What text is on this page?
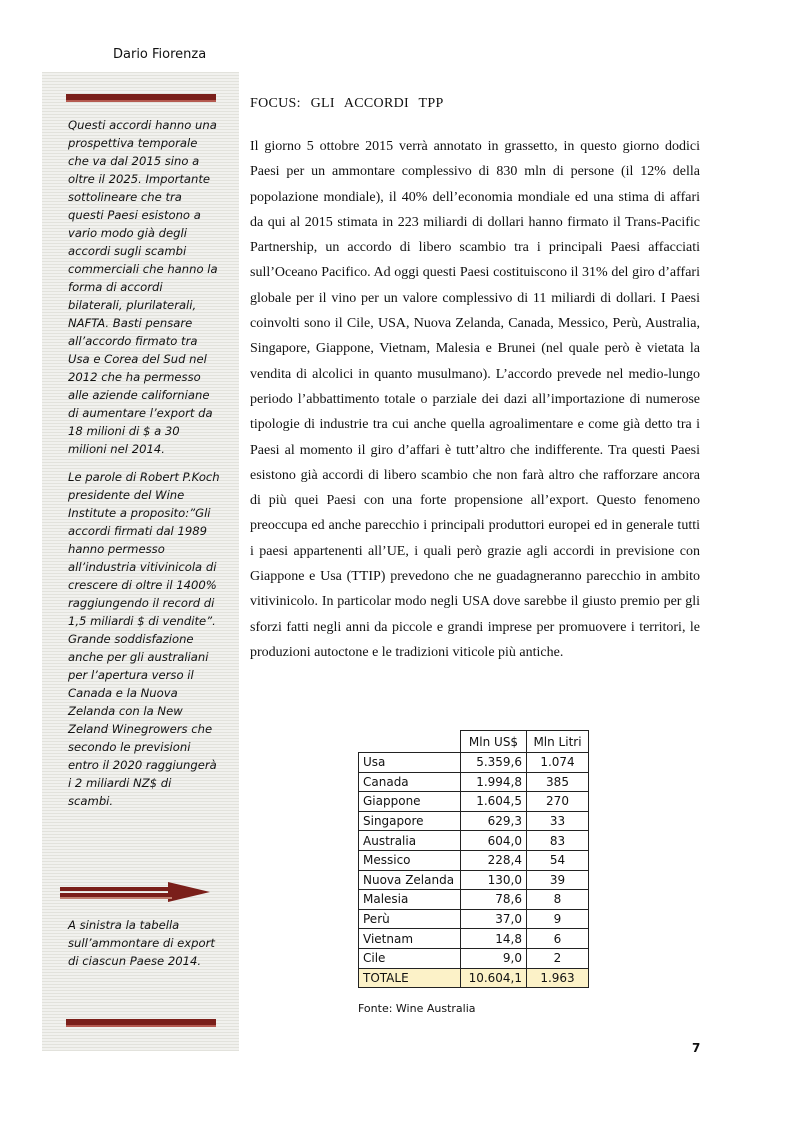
Dario Fiorenza

Questi accordi hanno una prospettiva temporale che va dal 2015 sino a oltre il 2025. Importante sottolineare che tra questi Paesi esistono a vario modo già degli accordi sugli scambi commerciali che hanno la forma di accordi bilaterali, plurilaterali, NAFTA. Basti pensare all’accordo firmato tra Usa e Corea del Sud nel 2012 che ha permesso alle aziende californiane di aumentare l’export da 18 milioni di $ a 30 milioni nel 2014.

Le parole di Robert P.Koch presidente del Wine Institute a proposito:”Gli accordi firmati dal 1989 hanno permesso all’industria vitivinicola di crescere di oltre il 1400% raggiungendo il record di 1,5 miliardi $ di vendite”. Grande soddisfazione anche per gli australiani per l’apertura verso il Canada e la Nuova Zelanda con la New Zeland Winegrowers che secondo le previsioni entro il 2020 raggiungerà i 2 miliardi NZ$ di scambi.

A sinistra la tabella sull’ammontare di export di ciascun Paese 2014.
FOCUS: GLI ACCORDI TPP

Il giorno 5 ottobre 2015 verrà annotato in grassetto, in questo giorno dodici Paesi per un ammontare complessivo di 830 mln di persone (il 12% della popolazione mondiale), il 40% dell’economia mondiale ed una stima di affari da qui al 2015 stimata in 223 miliardi di dollari hanno firmato il Trans-Pacific Partnership, un accordo di libero scambio tra i principali Paesi affacciati sull’Oceano Pacifico. Ad oggi questi Paesi costituiscono il 31% del giro d’affari globale per il vino per un valore complessivo di 11 miliardi di dollari. I Paesi coinvolti sono il Cile, USA, Nuova Zelanda, Canada, Messico, Perù, Australia, Singapore, Giappone, Vietnam, Malesia e Brunei (nel quale però è vietata la vendita di alcolici in quanto musulmano). L’accordo prevede nel medio-lungo periodo l’abbattimento totale o parziale dei dazi all’importazione di numerose tipologie di industrie tra cui anche quella agroalimentare e come già detto tra i Paesi al momento il giro d’affari è tutt’altro che indifferente. Tra questi Paesi esistono già accordi di libero scambio che non farà altro che rafforzare ancora di più quei Paesi con una forte propensione all’export. Questo fenomeno preoccupa ed anche parecchio i principali produttori europei ed in generale tutti i paesi appartenenti all’UE, i quali però grazie agli accordi in previsione con Giappone e Usa (TTIP) prevedono che ne guadagneranno parecchio in ambito vitivinicolo. In particolar modo negli USA dove sarebbe il giusto premio per gli sforzi fatti negli anni da piccole e grandi imprese per promuovere i territori, le produzioni autoctone e le tradizioni viticole più antiche.

	Mln US$	Mln Litri
Usa	5.359,6	1.074
Canada	1.994,8	385
Giappone	1.604,5	270
Singapore	629,3	33
Australia	604,0	83
Messico	228,4	54
Nuova Zelanda	130,0	39
Malesia	78,6	8
Perù	37,0	9
Vietnam	14,8	6
Cile	9,0	2
TOTALE	10.604,1	1.963
Fonte: Wine Australia
7
